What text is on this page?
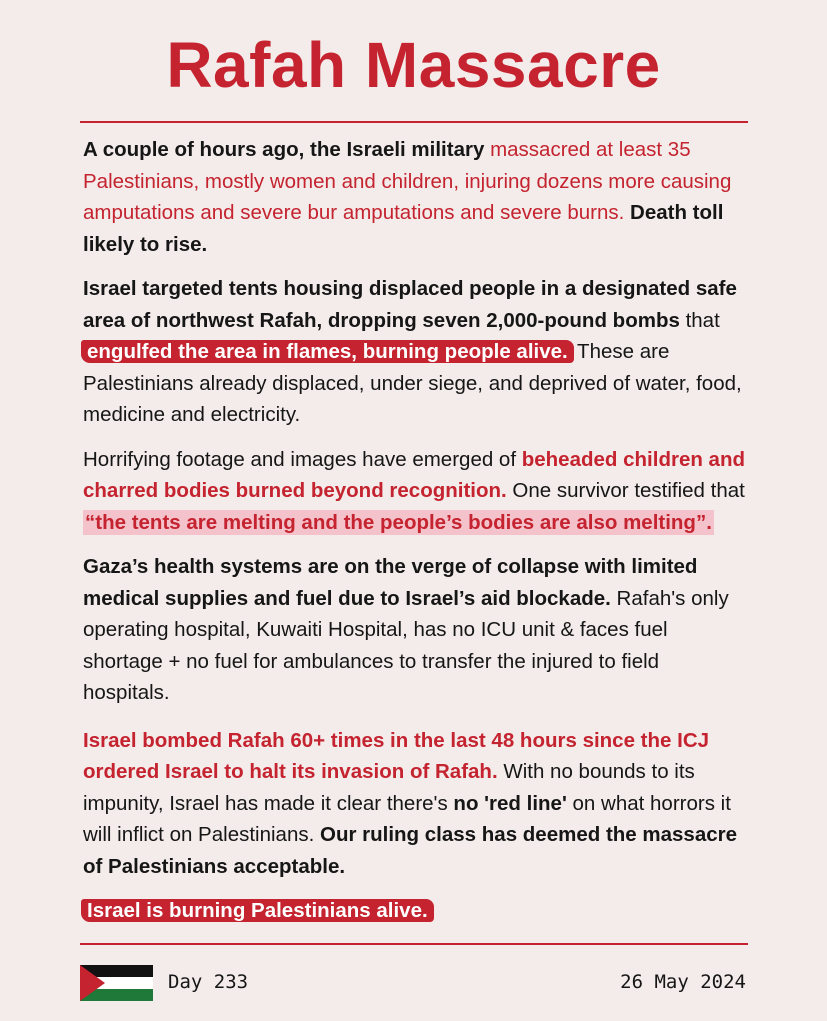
Rafah Massacre

A couple of hours ago, the Israeli military massacred at least 35 Palestinians, mostly women and children, injuring dozens more causing amputations and severe bur amputations and severe burns. Death toll likely to rise.

Israel targeted tents housing displaced people in a designated safe area of northwest Rafah, dropping seven 2,000-pound bombs that engulfed the area in flames, burning people alive. These are Palestinians already displaced, under siege, and deprived of water, food, medicine and electricity.

Horrifying footage and images have emerged of beheaded children and charred bodies burned beyond recognition. One survivor testified that “the tents are melting and the people’s bodies are also melting”.

Gaza’s health systems are on the verge of collapse with limited medical supplies and fuel due to Israel’s aid blockade. Rafah's only operating hospital, Kuwaiti Hospital, has no ICU unit & faces fuel shortage + no fuel for ambulances to transfer the injured to field hospitals.

Israel bombed Rafah 60+ times in the last 48 hours since the ICJ ordered Israel to halt its invasion of Rafah. With no bounds to its impunity, Israel has made it clear there's no 'red line' on what horrors it will inflict on Palestinians. Our ruling class has deemed the massacre of Palestinians acceptable.

Israel is burning Palestinians alive.

Day 233	26 May 2024
